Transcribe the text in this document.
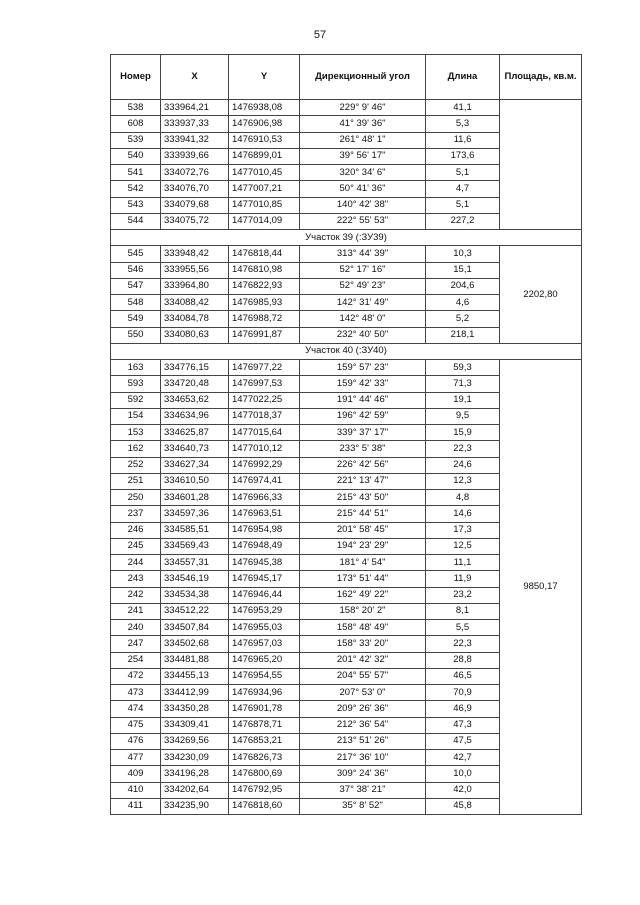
57
Номер	X	Y	Дирекционный угол	Длина	Площадь, кв.м.
538	333964,21	1476938,08	229° 9' 46"	41,1	
608	333937,33	1476906,98	41° 39' 36"	5,3	
539	333941,32	1476910,53	261° 48' 1"	11,6	
540	333939,66	1476899,01	39° 56' 17"	173,6	
541	334072,76	1477010,45	320° 34' 6"	5,1	
542	334076,70	1477007,21	50° 41' 36"	4,7	
543	334079,68	1477010,85	140° 42' 38"	5,1	
544	334075,72	1477014,09	222° 55' 53"	227,2	
Участок 39 (:ЗУ39)					
545	333948,42	1476818,44	313° 44' 39"	10,3	2202,80
546	333955,56	1476810,98	52° 17' 16"	15,1	
547	333964,80	1476822,93	52° 49' 23"	204,6	
548	334088,42	1476985,93	142° 31' 49"	4,6	
549	334084,78	1476988,72	142° 48' 0"	5,2	
550	334080,63	1476991,87	232° 40' 50"	218,1	
Участок 40 (:ЗУ40)					
163	334776,15	1476977,22	159° 57' 23"	59,3	9850,17
593	334720,48	1476997,53	159° 42' 33"	71,3	
592	334653,62	1477022,25	191° 44' 46"	19,1	
154	334634,96	1477018,37	196° 42' 59"	9,5	
153	334625,87	1477015,64	339° 37' 17"	15,9	
162	334640,73	1477010,12	233° 5' 38"	22,3	
252	334627,34	1476992,29	226° 42' 56"	24,6	
251	334610,50	1476974,41	221° 13' 47"	12,3	
250	334601,28	1476966,33	215° 43' 50"	4,8	
237	334597,36	1476963,51	215° 44' 51"	14,6	
246	334585,51	1476954,98	201° 58' 45"	17,3	
245	334569,43	1476948,49	194° 23' 29"	12,5	
244	334557,31	1476945,38	181° 4' 54"	11,1	
243	334546,19	1476945,17	173° 51' 44"	11,9	
242	334534,38	1476946,44	162° 49' 22"	23,2	
241	334512,22	1476953,29	158° 20' 2"	8,1	
240	334507,84	1476955,03	158° 48' 49"	5,5	
247	334502,68	1476957,03	158° 33' 20"	22,3	
254	334481,88	1476965,20	201° 42' 32"	28,8	
472	334455,13	1476954,55	204° 55' 57"	46,5	
473	334412,99	1476934,96	207° 53' 0"	70,9	
474	334350,28	1476901,78	209° 26' 36"	46,9	
475	334309,41	1476878,71	212° 36' 54"	47,3	
476	334269,56	1476853,21	213° 51' 26"	47,5	
477	334230,09	1476826,73	217° 36' 10"	42,7	
409	334196,28	1476800,69	309° 24' 36"	10,0	
410	334202,64	1476792,95	37° 38' 21"	42,0	
411	334235,90	1476818,60	35° 8' 52"	45,8	
